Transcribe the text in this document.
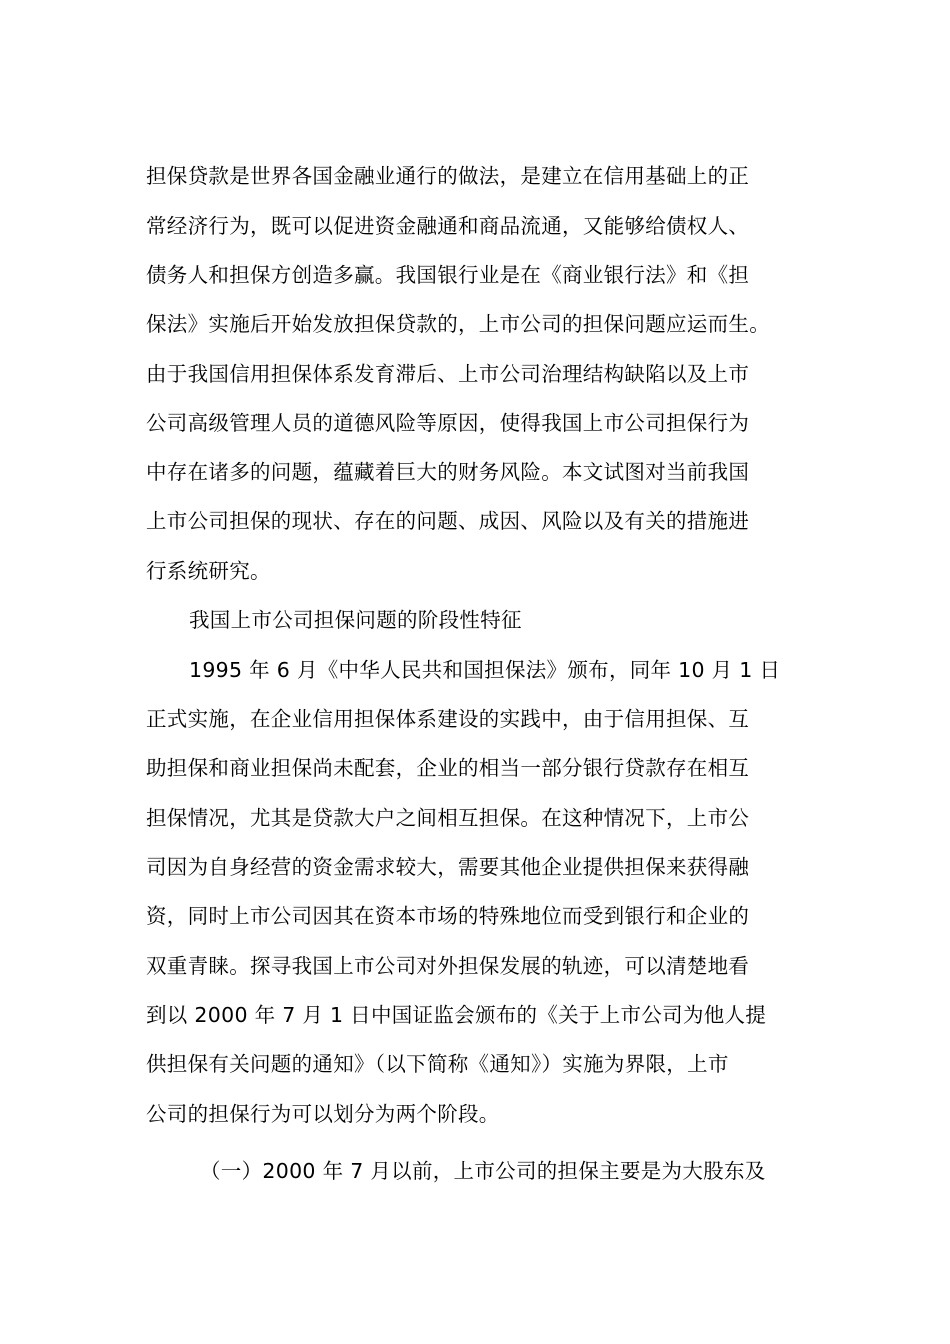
担保贷款是世界各国金融业通行的做法，是建立在信用基础上的正
常经济行为，既可以促进资金融通和商品流通，又能够给债权人、
债务人和担保方创造多赢。我国银行业是在《商业银行法》和《担
保法》实施后开始发放担保贷款的，上市公司的担保问题应运而生。
由于我国信用担保体系发育滞后、上市公司治理结构缺陷以及上市
公司高级管理人员的道德风险等原因，使得我国上市公司担保行为
中存在诸多的问题，蕴藏着巨大的财务风险。本文试图对当前我国
上市公司担保的现状、存在的问题、成因、风险以及有关的措施进
行系统研究。
我国上市公司担保问题的阶段性特征
1995 年 6 月《中华人民共和国担保法》颁布，同年 10 月 1 日
正式实施，在企业信用担保体系建设的实践中，由于信用担保、互
助担保和商业担保尚未配套，企业的相当一部分银行贷款存在相互
担保情况，尤其是贷款大户之间相互担保。在这种情况下，上市公
司因为自身经营的资金需求较大，需要其他企业提供担保来获得融
资，同时上市公司因其在资本市场的特殊地位而受到银行和企业的
双重青睐。探寻我国上市公司对外担保发展的轨迹，可以清楚地看
到以 2000 年 7 月 1 日中国证监会颁布的《关于上市公司为他人提
供担保有关问题的通知》（以下简称《通知》）实施为界限，上市
公司的担保行为可以划分为两个阶段。
（一）2000 年 7 月以前，上市公司的担保主要是为大股东及
